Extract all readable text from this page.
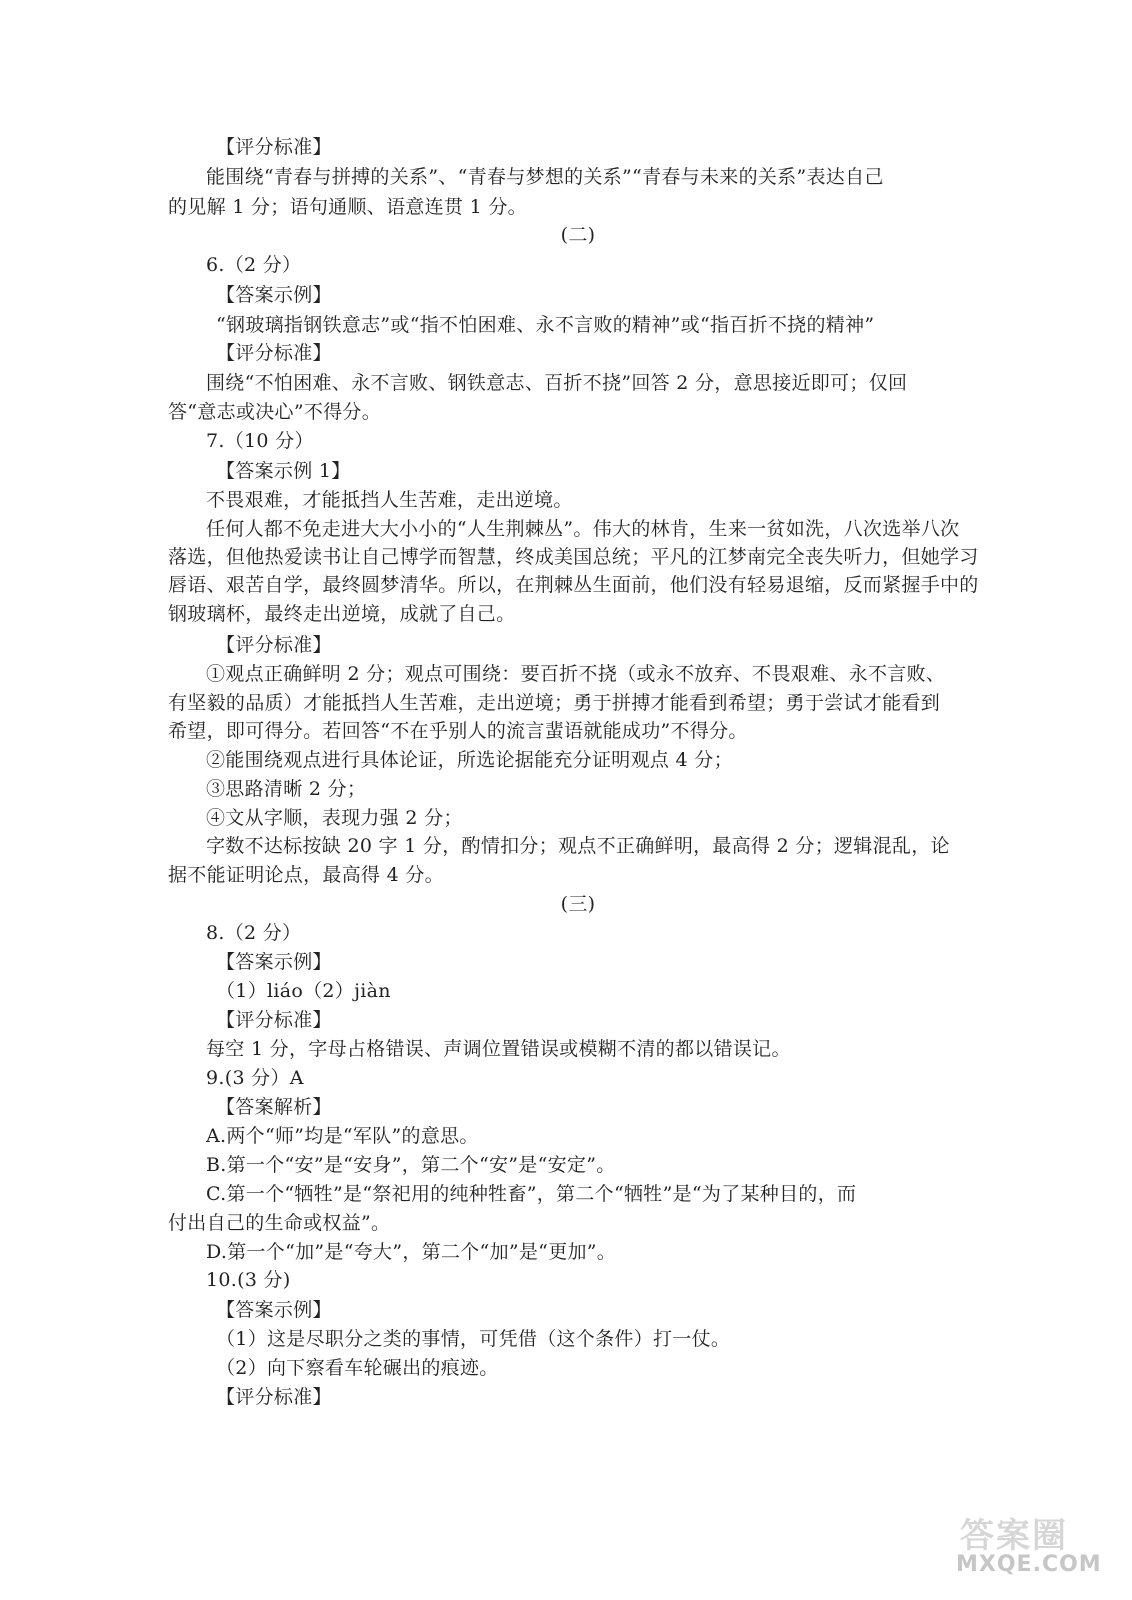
【评分标准】
能围绕“青春与拼搏的关系”、“青春与梦想的关系”“青春与未来的关系”表达自己
的见解 1 分；语句通顺、语意连贯 1 分。
(二)
6.（2 分）
【答案示例】
“钢玻璃指钢铁意志”或“指不怕困难、永不言败的精神”或“指百折不挠的精神”
【评分标准】
围绕“不怕困难、永不言败、钢铁意志、百折不挠”回答 2 分，意思接近即可；仅回
答“意志或决心”不得分。
7.（10 分）
【答案示例 1】
不畏艰难，才能抵挡人生苦难，走出逆境。
任何人都不免走进大大小小的“人生荆棘丛”。伟大的林肯，生来一贫如洗，八次选举八次
落选，但他热爱读书让自己博学而智慧，终成美国总统；平凡的江梦南完全丧失听力，但她学习
唇语、艰苦自学，最终圆梦清华。所以，在荆棘丛生面前，他们没有轻易退缩，反而紧握手中的
钢玻璃杯，最终走出逆境，成就了自己。
【评分标准】
①观点正确鲜明 2 分；观点可围绕：要百折不挠（或永不放弃、不畏艰难、永不言败、
有坚毅的品质）才能抵挡人生苦难，走出逆境；勇于拼搏才能看到希望；勇于尝试才能看到
希望，即可得分。若回答“不在乎别人的流言蜚语就能成功”不得分。
②能围绕观点进行具体论证，所选论据能充分证明观点 4 分；
③思路清晰 2 分；
④文从字顺，表现力强 2 分；
字数不达标按缺 20 字 1 分，酌情扣分；观点不正确鲜明，最高得 2 分；逻辑混乱，论
据不能证明论点，最高得 4 分。
(三)
8.（2 分）
【答案示例】
（1）liáo（2）jiàn
【评分标准】
每空 1 分，字母占格错误、声调位置错误或模糊不清的都以错误记。
9.(3 分）A
【答案解析】
A.两个“师”均是“军队”的意思。
B.第一个“安”是“安身”，第二个“安”是“安定”。
C.第一个“牺牲”是“祭祀用的纯种牲畜”，第二个“牺牲”是“为了某种目的，而
付出自己的生命或权益”。
D.第一个“加”是“夸大”，第二个“加”是“更加”。
10.(3 分)
【答案示例】
（1）这是尽职分之类的事情，可凭借（这个条件）打一仗。
（2）向下察看车轮碾出的痕迹。
【评分标准】
答案圈
MXQE.COM
